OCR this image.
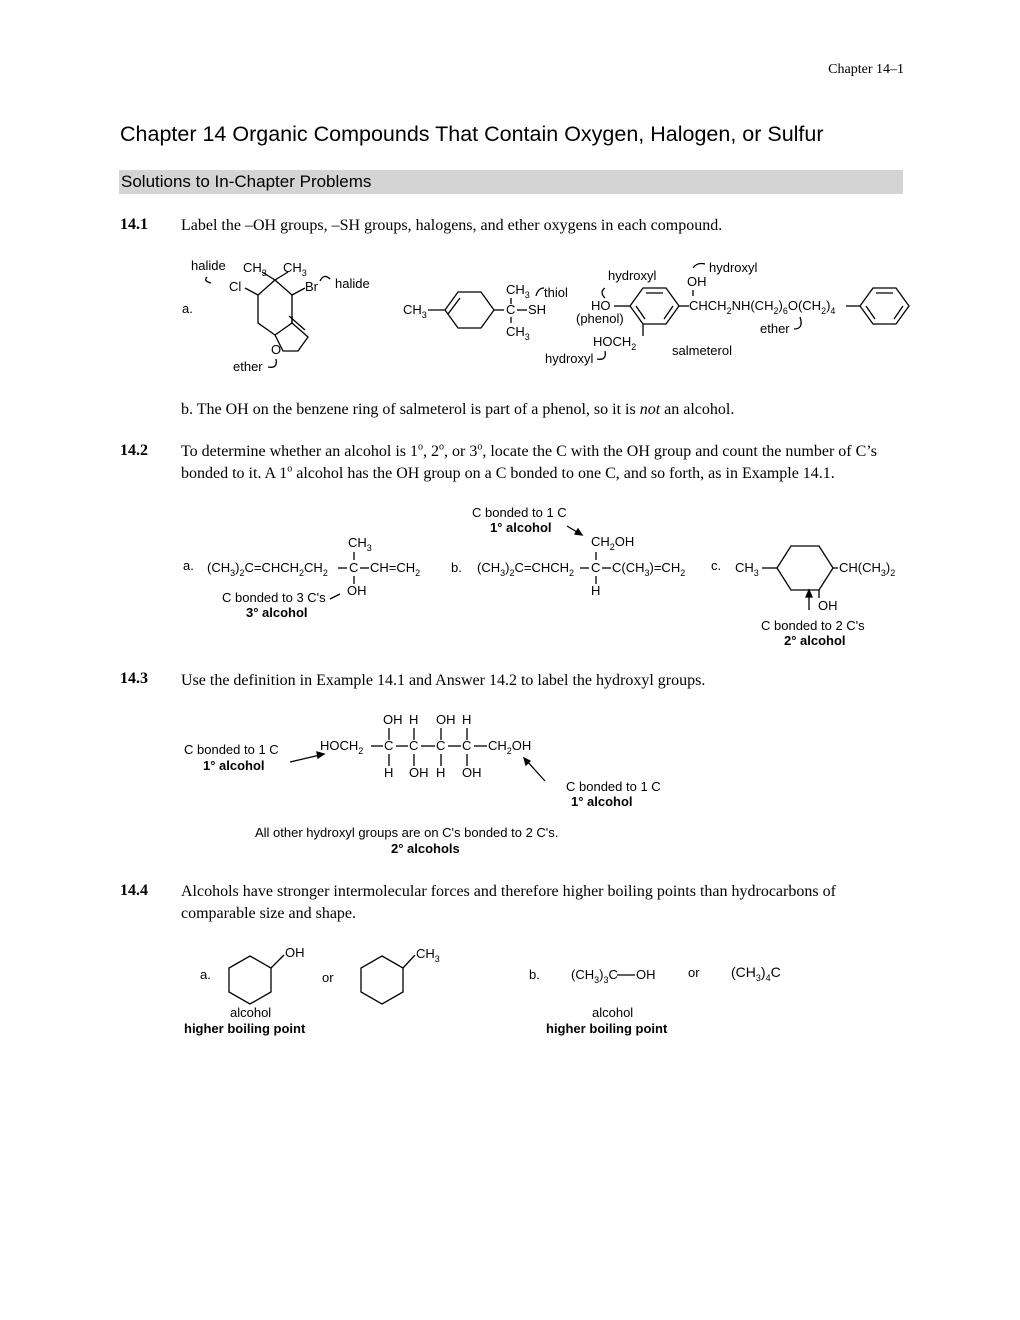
Chapter 14–1
Chapter 14 Organic Compounds That Contain Oxygen, Halogen, or Sulfur
Solutions to In-Chapter Problems
14.1 Label the –OH groups, –SH groups, halogens, and ether oxygens in each compound.
a.
halide $CH_3$ $CH_3$
halide
Cl	Br
O
ether
$CH_3$
$CH_3$
C SH
$CH_3$
thiol
hydroxyl
hydroxyl
OH
HO
(phenol)
$CHCH_2NH(CH_2)_6O(CH_2)_4$
ether
$HOCH_2$	salmeterol
hydroxyl
b. The OH on the benzene ring of salmeterol is part of a phenol, so it is not an alcohol.
14.2 To determine whether an alcohol is 1$^o$, 2$^o$, or 3$^o$, locate the C with the OH group and count the number of C’s bonded to it. A 1$^o$ alcohol has the OH group on a C bonded to one C, and so forth, as in Example 14.1.
a.
$CH_3$
$(CH_3)_2C=CHCH_2CH_2$ C $CH=CH_2$
OH
C bonded to 3 C's
3° alcohol
C bonded to 1 C
1° alcohol
b.
$CH_2OH$
$(CH_3)_2C=CHCH_2$ C $C(CH_3)=CH_2$
H
c. $CH_3$	$CH(CH_3)_2$
OH
C bonded to 2 C's
2° alcohol
14.3 Use the definition in Example 14.1 and Answer 14.2 to label the hydroxyl groups.
OH H OH H
$HOCH_2$ C C C C $CH_2OH$
H OH H OH
C bonded to 1 C
1° alcohol
C bonded to 1 C
1° alcohol
All other hydroxyl groups are on C's bonded to 2 C's.
2° alcohols
14.4 Alcohols have stronger intermolecular forces and therefore higher boiling points than hydrocarbons of comparable size and shape.
a.
OH
or
$CH_3$
alcohol
higher boiling point
b. $(CH_3)_3C$ OH	or $(CH_3)_4C$
alcohol
higher boiling point
